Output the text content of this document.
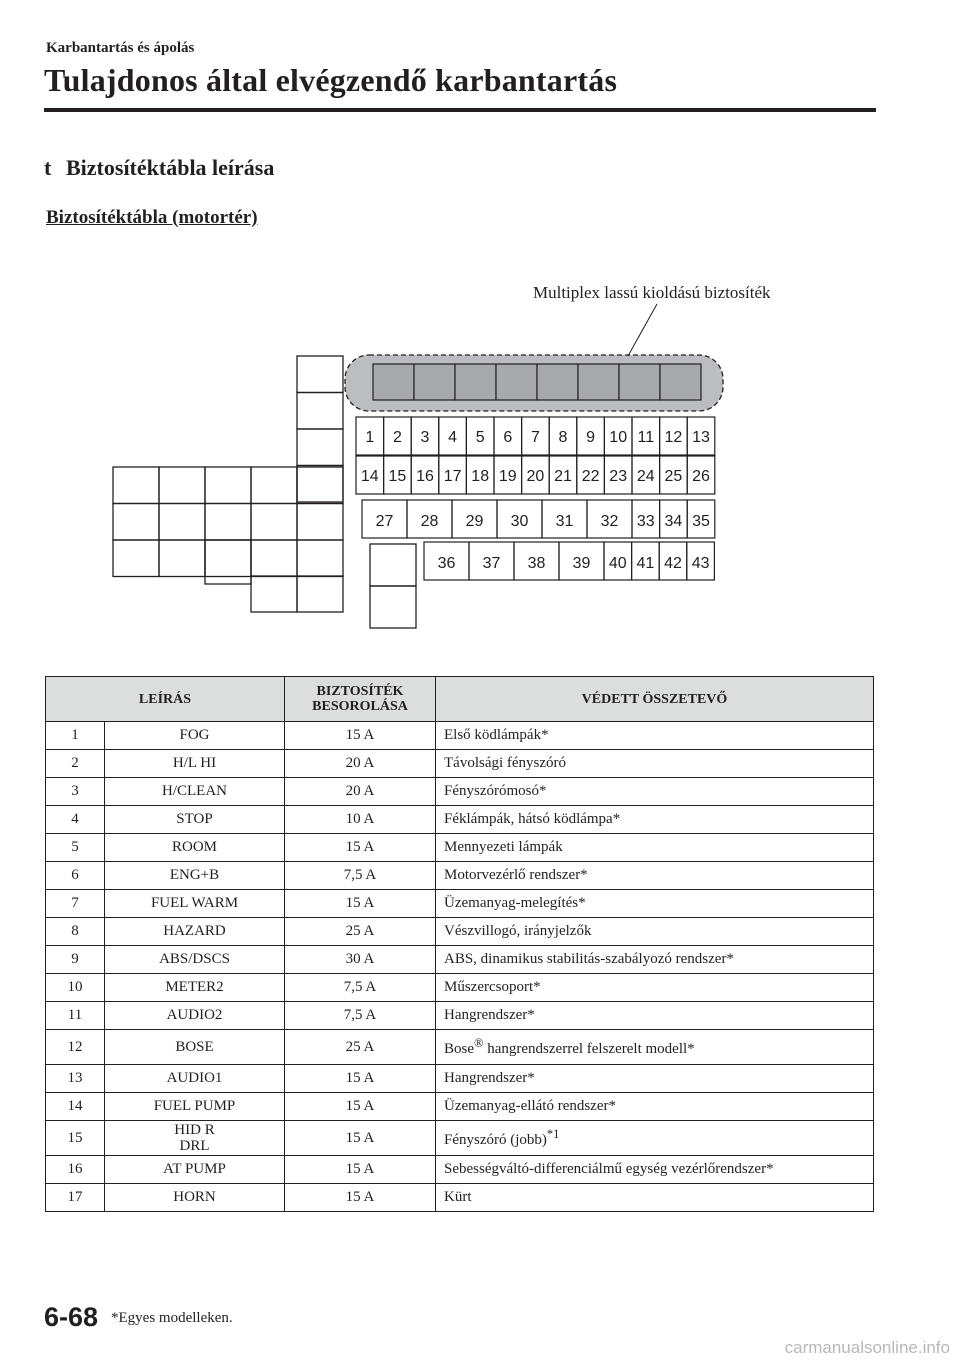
Karbantartás és ápolás
Tulajdonos által elvégzendő karbantartás
t Biztosítéktábla leírása
Biztosítéktábla (motortér)
Multiplex lassú kioldású biztosíték
1 2 3 4 5 6 7 8 9 10 11 12 13
14 15 16 17 18 19 20 21 22 23 24 25 26
27 28 29 30 31 32 33 34 35
36 37 38 39 40 41 42 43
LEÍRÁS		BIZTOSÍTÉK
BESOROLÁSA	VÉDETT ÖSSZETEVŐ
1	FOG	15 A	Első ködlámpák*
2	H/L HI	20 A	Távolsági fényszóró
3	H/CLEAN	20 A	Fényszórómosó*
4	STOP	10 A	Féklámpák, hátsó ködlámpa*
5	ROOM	15 A	Mennyezeti lámpák
6	ENG+B	7,5 A	Motorvezérlő rendszer*
7	FUEL WARM	15 A	Üzemanyag-melegítés*
8	HAZARD	25 A	Vészvillogó, irányjelzők
9	ABS/DSCS	30 A	ABS, dinamikus stabilitás-szabályozó rendszer*
10	METER2	7,5 A	Műszercsoport*
11	AUDIO2	7,5 A	Hangrendszer*
12	BOSE	25 A	Bose® hangrendszerrel felszerelt modell*
13	AUDIO1	15 A	Hangrendszer*
14	FUEL PUMP	15 A	Üzemanyag-ellátó rendszer*
15	HID R
DRL	15 A	Fényszóró (jobb)$^{*1}$
16	AT PUMP	15 A	Sebességváltó-differenciálmű egység vezérlőrendszer*
17	HORN	15 A	Kürt
6-68 *Egyes modelleken.
carmanualsonline.info
